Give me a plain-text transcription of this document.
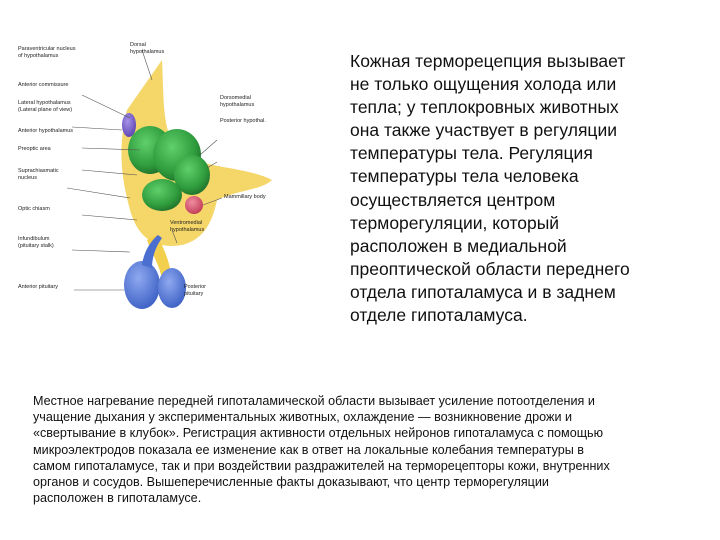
Paraventricular nucleus
of hypothalamus
Dorsal
hypothalamus
Anterior commissure
Lateral hypothalamus
(Lateral plane of view)
Dorsomedial
hypothalamus
Posterior hypothal.
Anterior hypothalamus
Preoptic area
Suprachiasmatic
nucleus
Mammillary body
Ventromedial
hypothalamus
Optic chiasm
Infundibulum
(pituitary stalk)
Anterior pituitary	Posterior
pituitary
Кожная терморецепция вызывает
не только ощущения холода или
тепла; у теплокровных животных
она также участвует в регуляции
температуры тела. Регуляция
температуры тела человека
осуществляется центром
терморегуляции, который
расположен в медиальной
преоптической области переднего
отдела гипоталамуса и в заднем
отделе гипоталамуса.
Местное нагревание передней гипоталамической области вызывает усиление потоотделения и
учащение дыхания у экспериментальных животных, охлаждение — возникновение дрожи и
«свертывание в клубок». Регистрация активности отдельных нейронов гипоталамуса с помощью
микроэлектродов показала ее изменение как в ответ на локальные колебания температуры в
самом гипоталамусе, так и при воздействии раздражителей на терморецепторы кожи, внутренних
органов и сосудов. Вышеперечисленные факты доказывают, что центр терморегуляции
расположен в гипоталамусе.
